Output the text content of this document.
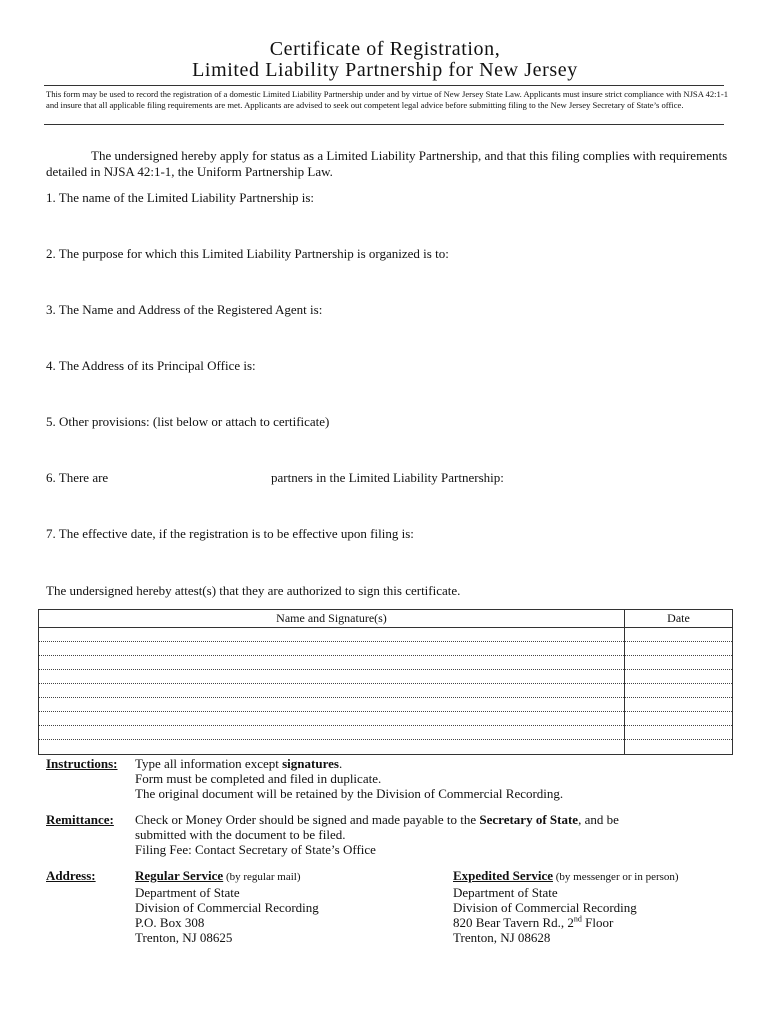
Certificate of Registration,
Limited Liability Partnership for New Jersey
This form may be used to record the registration of a domestic Limited Liability Partnership under and by virtue of New Jersey State Law. Applicants must insure strict compliance with NJSA 42:1-1 and insure that all applicable filing requirements are met. Applicants are advised to seek out competent legal advice before submitting filing to the New Jersey Secretary of State’s office.
The undersigned hereby apply for status as a Limited Liability Partnership, and that this filing complies with requirements detailed in NJSA 42:1-1, the Uniform Partnership Law.
1. The name of the Limited Liability Partnership is:
2. The purpose for which this Limited Liability Partnership is organized is to:
3. The Name and Address of the Registered Agent is:
4. The Address of its Principal Office is:
5. Other provisions: (list below or attach to certificate)
6. There are	partners in the Limited Liability Partnership:
7. The effective date, if the registration is to be effective upon filing is:
The undersigned hereby attest(s) that they are authorized to sign this certificate.
Name and Signature(s)	Date

Instructions: Type all information except signatures.
Form must be completed and filed in duplicate.
The original document will be retained by the Division of Commercial Recording.
Remittance: Check or Money Order should be signed and made payable to the Secretary of State, and be
submitted with the document to be filed.
Filing Fee: Contact Secretary of State’s Office
Address:	Regular Service (by regular mail)
Department of State
Division of Commercial Recording
P.O. Box 308
Trenton, NJ 08625
Expedited Service (by messenger or in person)
Department of State
Division of Commercial Recording
820 Bear Tavern Rd., 2nd Floor
Trenton, NJ 08628
